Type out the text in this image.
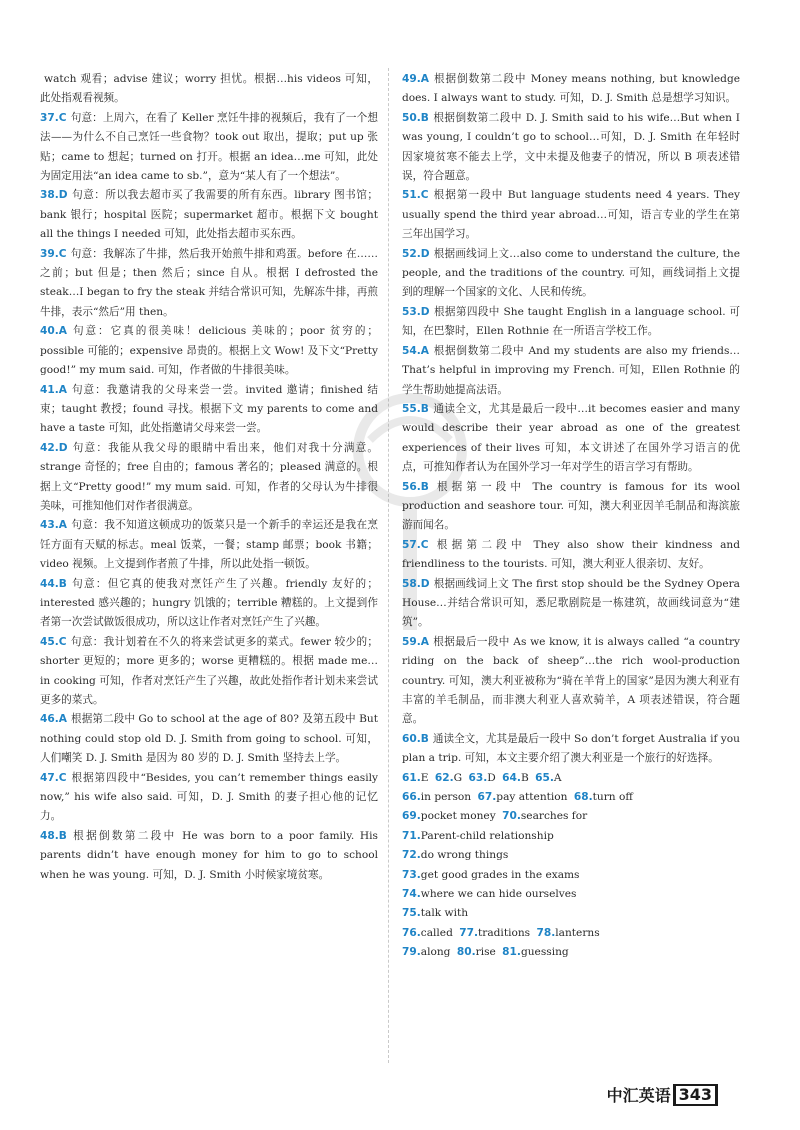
watch 观看；advise 建议；worry 担忧。根据…his videos 可知，此处指观看视频。

37.C 句意：上周六，在看了 Keller 烹饪牛排的视频后，我有了一个想法——为什么不自己烹饪一些食物？took out 取出，提取；put up 张贴；came to 想起；turned on 打开。根据 an idea…me 可知，此处为固定用法“an idea came to sb.”，意为“某人有了一个想法”。

38.D 句意：所以我去超市买了我需要的所有东西。library 图书馆；bank 银行；hospital 医院；supermarket 超市。根据下文 bought all the things I needed 可知，此处指去超市买东西。

39.C 句意：我解冻了牛排，然后我开始煎牛排和鸡蛋。before 在……之前；but 但是；then 然后；since 自从。根据 I defrosted the steak…I began to fry the steak 并结合常识可知，先解冻牛排，再煎牛排，表示“然后”用 then。

40.A 句意：它真的很美味！delicious 美味的；poor 贫穷的；possible 可能的；expensive 昂贵的。根据上文 Wow! 及下文“Pretty good!” my mum said. 可知，作者做的牛排很美味。

41.A 句意：我邀请我的父母来尝一尝。invited 邀请；finished 结束；taught 教授；found 寻找。根据下文 my parents to come and have a taste 可知，此处指邀请父母来尝一尝。

42.D 句意：我能从我父母的眼睛中看出来，他们对我十分满意。strange 奇怪的；free 自由的；famous 著名的；pleased 满意的。根据上文“Pretty good!” my mum said. 可知，作者的父母认为牛排很美味，可推知他们对作者很满意。

43.A 句意：我不知道这顿成功的饭菜只是一个新手的幸运还是我在烹饪方面有天赋的标志。meal 饭菜，一餐；stamp 邮票；book 书籍；video 视频。上文提到作者煎了牛排，所以此处指一顿饭。

44.B 句意：但它真的使我对烹饪产生了兴趣。friendly 友好的；interested 感兴趣的；hungry 饥饿的；terrible 糟糕的。上文提到作者第一次尝试做饭很成功，所以这让作者对烹饪产生了兴趣。

45.C 句意：我计划着在不久的将来尝试更多的菜式。fewer 较少的；shorter 更短的；more 更多的；worse 更糟糕的。根据 made me…in cooking 可知，作者对烹饪产生了兴趣，故此处指作者计划未来尝试更多的菜式。

46.A 根据第二段中 Go to school at the age of 80? 及第五段中 But nothing could stop old D. J. Smith from going to school. 可知，人们嘲笑 D. J. Smith 是因为 80 岁的 D. J. Smith 坚持去上学。

47.C 根据第四段中“Besides, you can’t remember things easily now,” his wife also said. 可知，D. J. Smith 的妻子担心他的记忆力。

48.B 根据倒数第二段中 He was born to a poor family. His parents didn’t have enough money for him to go to school when he was young. 可知，D. J. Smith 小时候家境贫寒。

49.A 根据倒数第二段中 Money means nothing, but knowledge does. I always want to study. 可知，D. J. Smith 总是想学习知识。

50.B 根据倒数第二段中 D. J. Smith said to his wife…But when I was young, I couldn’t go to school…可知，D. J. Smith 在年轻时因家境贫寒不能去上学，文中未提及他妻子的情况，所以 B 项表述错误，符合题意。

51.C 根据第一段中 But language students need 4 years. They usually spend the third year abroad…可知，语言专业的学生在第三年出国学习。

52.D 根据画线词上文…also come to understand the culture, the people, and the traditions of the country. 可知，画线词指上文提到的理解一个国家的文化、人民和传统。

53.D 根据第四段中 She taught English in a language school. 可知，在巴黎时，Ellen Rothnie 在一所语言学校工作。

54.A 根据倒数第二段中 And my students are also my friends…That’s helpful in improving my French. 可知，Ellen Rothnie 的学生帮助她提高法语。

55.B 通读全文，尤其是最后一段中…it becomes easier and many would describe their year abroad as one of the greatest experiences of their lives 可知，本文讲述了在国外学习语言的优点，可推知作者认为在国外学习一年对学生的语言学习有帮助。

56.B 根据第一段中 The country is famous for its wool production and seashore tour. 可知，澳大利亚因羊毛制品和海滨旅游而闻名。

57.C 根据第二段中 They also show their kindness and friendliness to the tourists. 可知，澳大利亚人很亲切、友好。

58.D 根据画线词上文 The first stop should be the Sydney Opera House…并结合常识可知，悉尼歌剧院是一栋建筑，故画线词意为“建筑”。

59.A 根据最后一段中 As we know, it is always called “a country riding on the back of sheep”…the rich wool-production country. 可知，澳大利亚被称为“骑在羊背上的国家”是因为澳大利亚有丰富的羊毛制品，而非澳大利亚人喜欢骑羊，A 项表述错误，符合题意。

60.B 通读全文，尤其是最后一段中 So don’t forget Australia if you plan a trip. 可知，本文主要介绍了澳大利亚是一个旅行的好选择。

61.E 62.G 63.D 64.B 65.A

66.in person 67.pay attention 68.turn off

69.pocket money 70.searches for

71.Parent-child relationship

72.do wrong things

73.get good grades in the exams

74.where we can hide ourselves

75.talk with

76.called 77.traditions 78.lanterns

79.along 80.rise 81.guessing

中汇英语 343
